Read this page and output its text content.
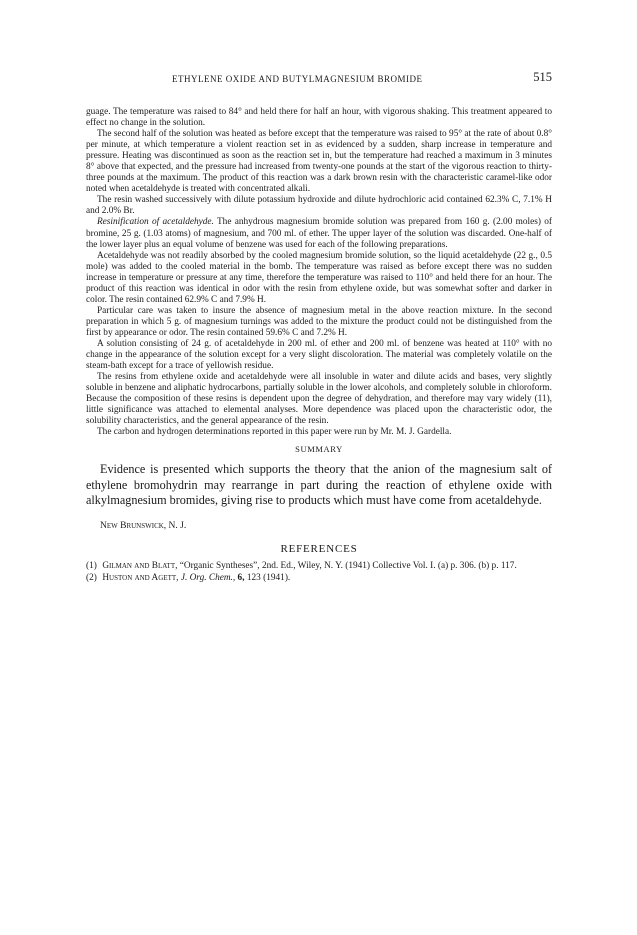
ETHYLENE OXIDE AND BUTYLMAGNESIUM BROMIDE	515

guage. The temperature was raised to 84° and held there for half an hour, with vigorous shaking. This treatment appeared to effect no change in the solution.

The second half of the solution was heated as before except that the temperature was raised to 95° at the rate of about 0.8° per minute, at which temperature a violent reaction set in as evidenced by a sudden, sharp increase in temperature and pressure. Heating was discontinued as soon as the reaction set in, but the temperature had reached a maximum in 3 minutes 8° above that expected, and the pressure had increased from twenty-one pounds at the start of the vigorous reaction to thirty-three pounds at the maximum. The product of this reaction was a dark brown resin with the characteristic caramel-like odor noted when acetaldehyde is treated with concentrated alkali.

The resin washed successively with dilute potassium hydroxide and dilute hydrochloric acid contained 62.3% C, 7.1% H and 2.0% Br.

Resinification of acetaldehyde. The anhydrous magnesium bromide solution was prepared from 160 g. (2.00 moles) of bromine, 25 g. (1.03 atoms) of magnesium, and 700 ml. of ether. The upper layer of the solution was discarded. One-half of the lower layer plus an equal volume of benzene was used for each of the following preparations.

Acetaldehyde was not readily absorbed by the cooled magnesium bromide solution, so the liquid acetaldehyde (22 g., 0.5 mole) was added to the cooled material in the bomb. The temperature was raised as before except there was no sudden increase in temperature or pressure at any time, therefore the temperature was raised to 110° and held there for an hour. The product of this reaction was identical in odor with the resin from ethylene oxide, but was somewhat softer and darker in color. The resin contained 62.9% C and 7.9% H.

Particular care was taken to insure the absence of magnesium metal in the above reaction mixture. In the second preparation in which 5 g. of magnesium turnings was added to the mixture the product could not be distinguished from the first by appearance or odor. The resin contained 59.6% C and 7.2% H.

A solution consisting of 24 g. of acetaldehyde in 200 ml. of ether and 200 ml. of benzene was heated at 110° with no change in the appearance of the solution except for a very slight discoloration. The material was completely volatile on the steam-bath except for a trace of yellowish residue.

The resins from ethylene oxide and acetaldehyde were all insoluble in water and dilute acids and bases, very slightly soluble in benzene and aliphatic hydrocarbons, partially soluble in the lower alcohols, and completely soluble in chloroform. Because the composition of these resins is dependent upon the degree of dehydration, and therefore may vary widely (11), little significance was attached to elemental analyses. More dependence was placed upon the characteristic odor, the solubility characteristics, and the general appearance of the resin.

The carbon and hydrogen determinations reported in this paper were run by Mr. M. J. Gardella.

SUMMARY

Evidence is presented which supports the theory that the anion of the magnesium salt of ethylene bromohydrin may rearrange in part during the reaction of ethylene oxide with alkylmagnesium bromides, giving rise to products which must have come from acetaldehyde.

New Brunswick, N. J.
REFERENCES

(1) Gilman and Blatt, “Organic Syntheses”, 2nd. Ed., Wiley, N. Y. (1941) Collective Vol. I. (a) p. 306. (b) p. 117.

(2) Huston and Agett, J. Org. Chem., 6, 123 (1941).
